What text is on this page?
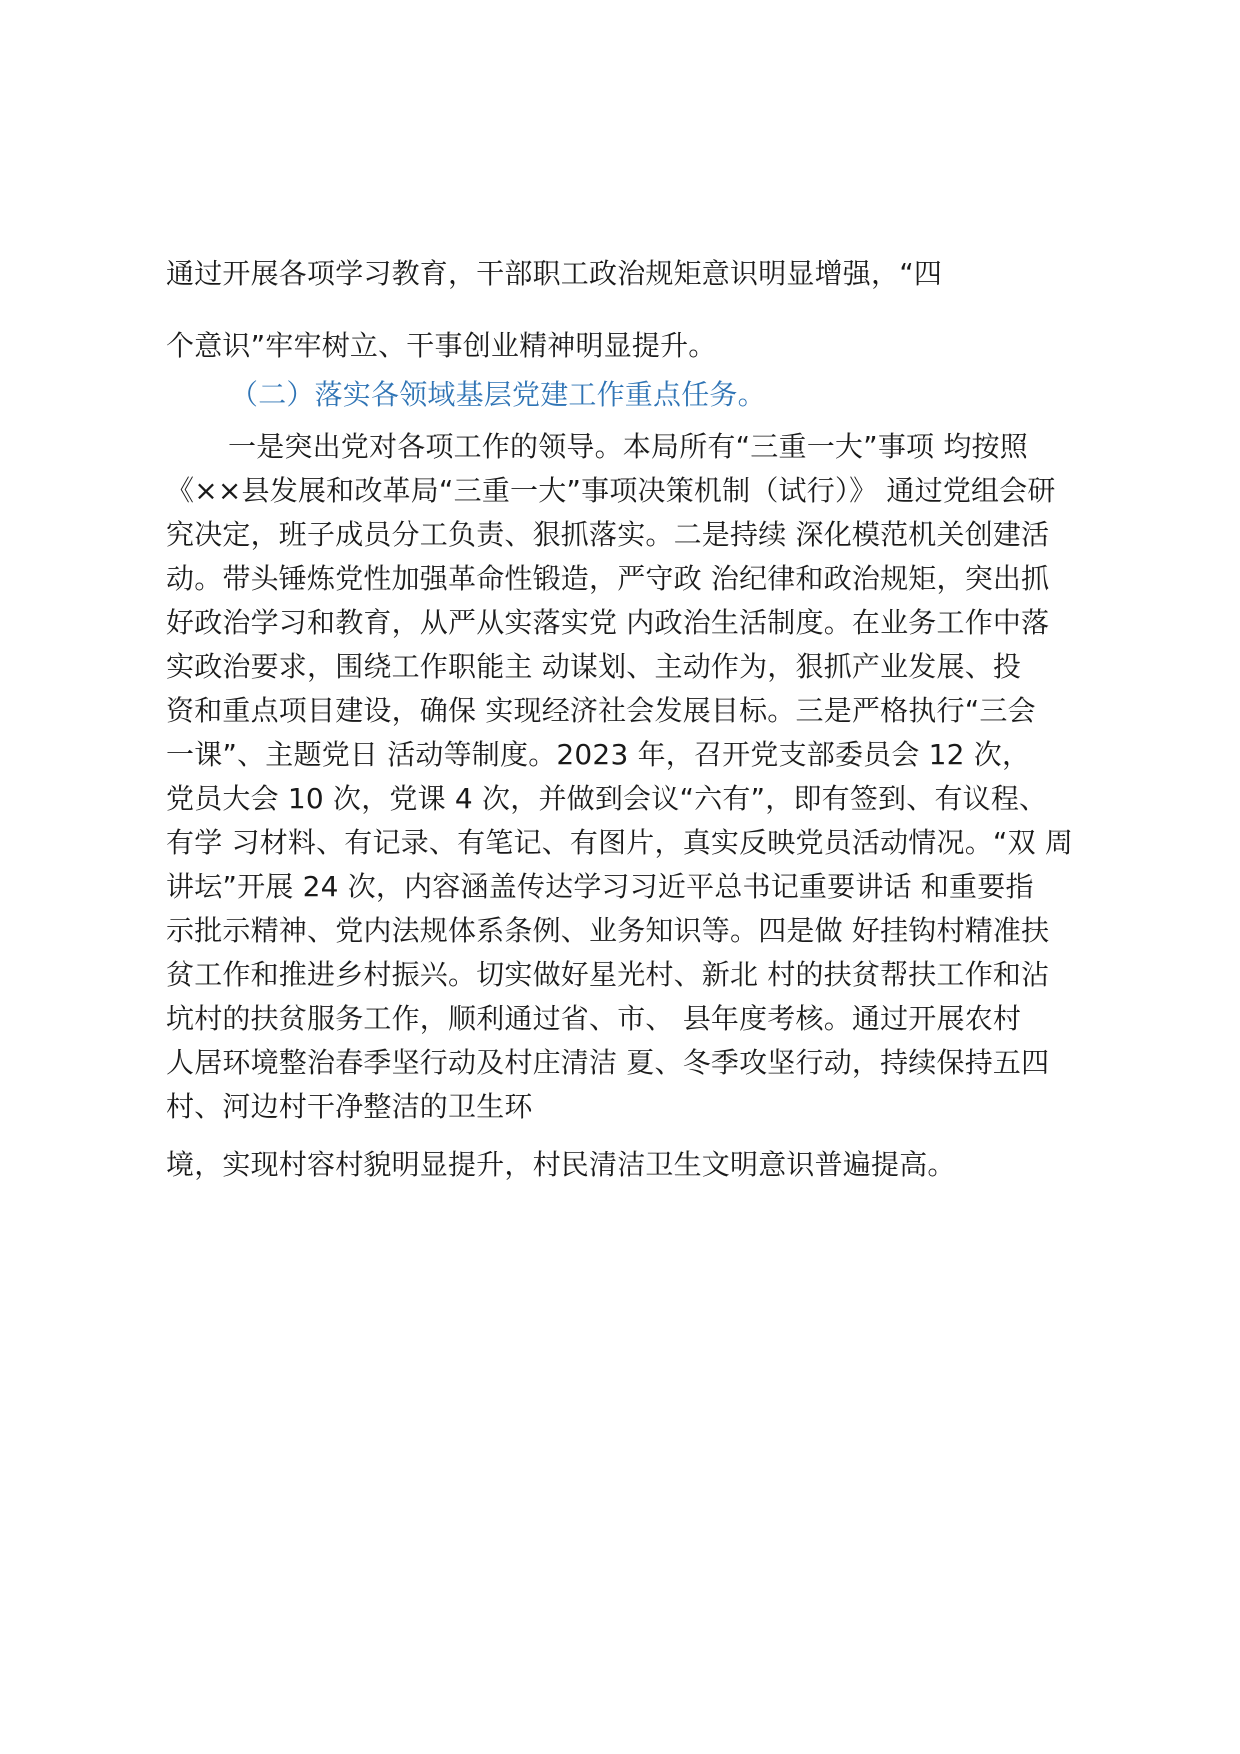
通过开展各项学习教育，干部职工政治规矩意识明显增强，“四
个意识”牢牢树立、干事创业精神明显提升。
（二）落实各领域基层党建工作重点任务。
一是突出党对各项工作的领导。本局所有“三重一大”事项 均按照
《××县发展和改革局“三重一大”事项决策机制（试行）》 通过党组会研
究决定，班子成员分工负责、狠抓落实。二是持续 深化模范机关创建活
动。带头锤炼党性加强革命性锻造，严守政 治纪律和政治规矩，突出抓
好政治学习和教育，从严从实落实党 内政治生活制度。在业务工作中落
实政治要求，围绕工作职能主 动谋划、主动作为，狠抓产业发展、投
资和重点项目建设，确保 实现经济社会发展目标。三是严格执行“三会
一课”、主题党日 活动等制度。2023 年，召开党支部委员会 12 次，
党员大会 10 次，党课 4 次，并做到会议“六有”，即有签到、有议程、
有学 习材料、有记录、有笔记、有图片，真实反映党员活动情况。“双 周
讲坛”开展 24 次，内容涵盖传达学习习近平总书记重要讲话 和重要指
示批示精神、党内法规体系条例、业务知识等。四是做 好挂钩村精准扶
贫工作和推进乡村振兴。切实做好星光村、新北 村的扶贫帮扶工作和沾
坑村的扶贫服务工作，顺利通过省、市、 县年度考核。通过开展农村
人居环境整治春季坚行动及村庄清洁 夏、冬季攻坚行动，持续保持五四
村、河边村干净整洁的卫生环
境，实现村容村貌明显提升，村民清洁卫生文明意识普遍提高。
